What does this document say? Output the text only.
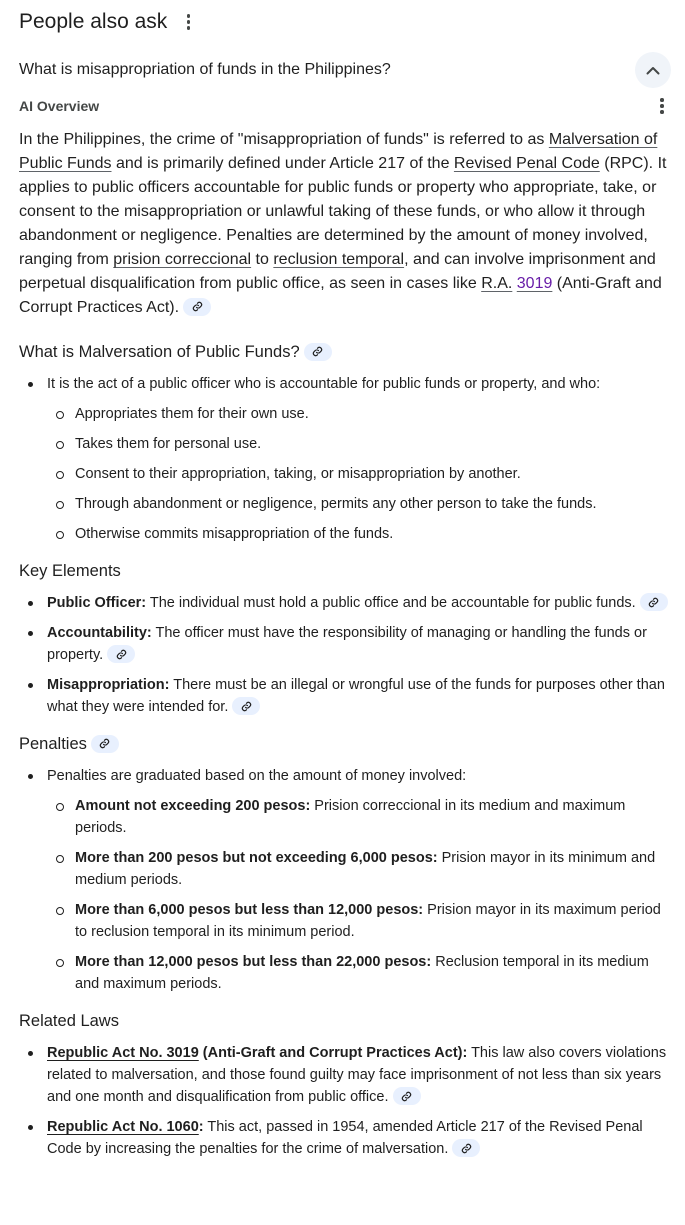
People also ask
What is misappropriation of funds in the Philippines?
AI Overview

In the Philippines, the crime of "misappropriation of funds" is referred to as Malversation of Public Funds and is primarily defined under Article 217 of the Revised Penal Code (RPC). It applies to public officers accountable for public funds or property who appropriate, take, or consent to the misappropriation or unlawful taking of these funds, or who allow it through abandonment or negligence. Penalties are determined by the amount of money involved, ranging from prision correccional to reclusion temporal, and can involve imprisonment and perpetual disqualification from public office, as seen in cases like R.A. 3019 (Anti-Graft and Corrupt Practices Act).

What is Malversation of Public Funds?
It is the act of a public officer who is accountable for public funds or property, and who:
Appropriates them for their own use.
Takes them for personal use.
Consent to their appropriation, taking, or misappropriation by another.
Through abandonment or negligence, permits any other person to take the funds.
Otherwise commits misappropriation of the funds.
Key Elements
Public Officer: The individual must hold a public office and be accountable for public funds.
Accountability: The officer must have the responsibility of managing or handling the funds or property.
Misappropriation: There must be an illegal or wrongful use of the funds for purposes other than what they were intended for.
Penalties
Penalties are graduated based on the amount of money involved:
Amount not exceeding 200 pesos: Prision correccional in its medium and maximum periods.
More than 200 pesos but not exceeding 6,000 pesos: Prision mayor in its minimum and medium periods.
More than 6,000 pesos but less than 12,000 pesos: Prision mayor in its maximum period to reclusion temporal in its minimum period.
More than 12,000 pesos but less than 22,000 pesos: Reclusion temporal in its medium and maximum periods.
Related Laws
Republic Act No. 3019 (Anti-Graft and Corrupt Practices Act): This law also covers violations related to malversation, and those found guilty may face imprisonment of not less than six years and one month and disqualification from public office.
Republic Act No. 1060: This act, passed in 1954, amended Article 217 of the Revised Penal Code by increasing the penalties for the crime of malversation.
